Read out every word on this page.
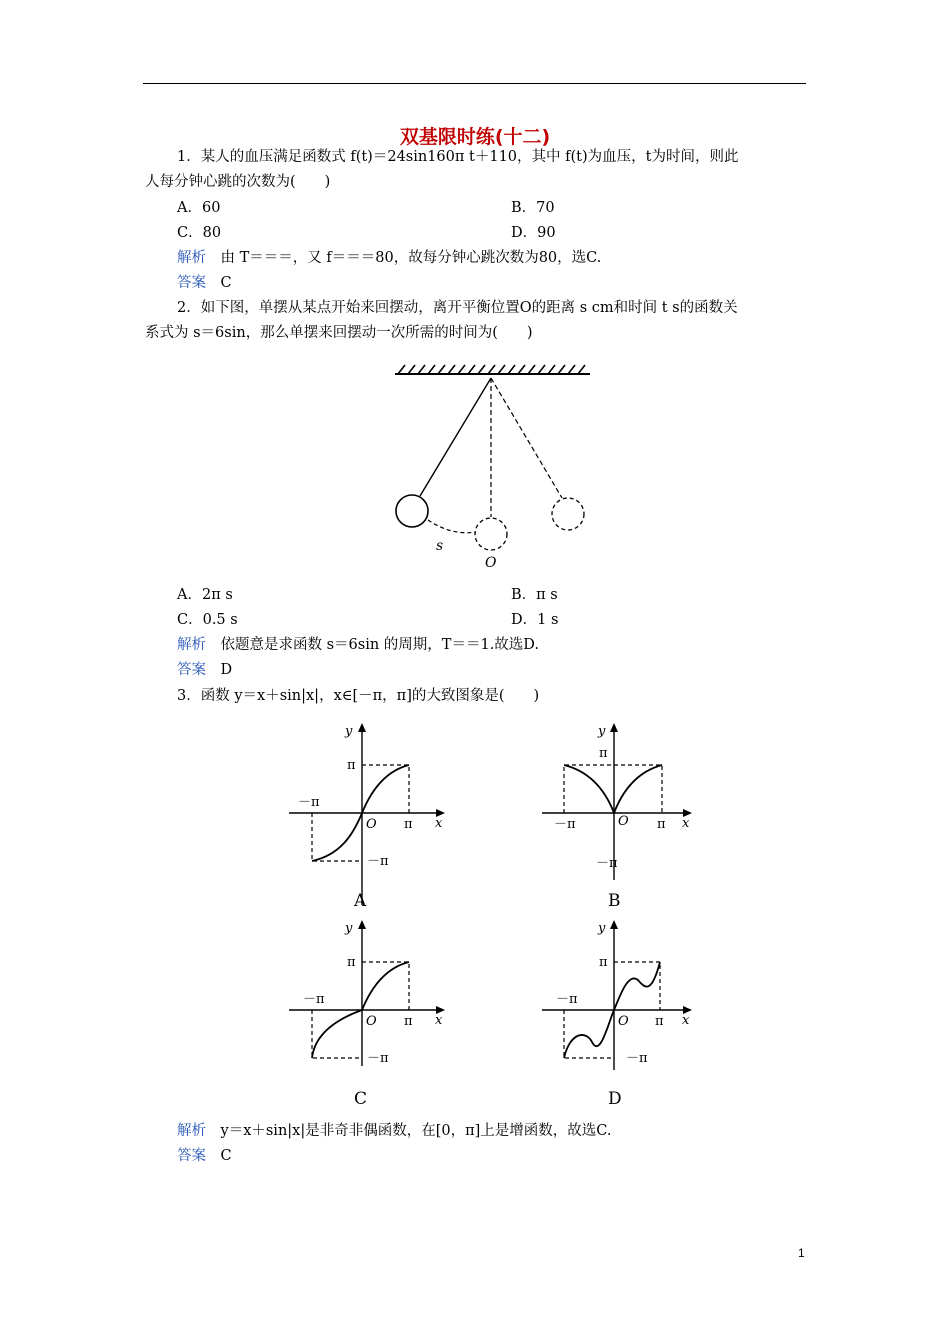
双基限时练(十二)
1．某人的血压满足函数式 f(t)＝24sin160π t＋110，其中 f(t)为血压，t为时间，则此
人每分钟心跳的次数为(　　)
A．60	B．70
C．80	D．90
解析　 由 T＝＝＝，又 f＝＝＝80，故每分钟心跳次数为80，选C.
答案　 C
2．如下图，单摆从某点开始来回摆动，离开平衡位置O的距离 s cm和时间 t s的函数关
系式为 s＝6sin，那么单摆来回摆动一次所需的时间为(　　)
s
O
A．2π s	B．π s
C．0.5 s	D．1 s
解析　 依题意是求函数 s＝6sin 的周期，T＝＝1.故选D.
答案　 D
3．函数 y＝x＋sin|x|，x∈[－π，π]的大致图象是(　　)
y
x
O
π
π
－π
－π
A
y
x
O
π
π
－π
－π
B
y
x
O
π
π
－π
－π
C
y
x
O
π
π
－π
－π
D
解析　 y＝x＋sin|x|是非奇非偶函数，在[0，π]上是增函数，故选C.
答案　 C
1
